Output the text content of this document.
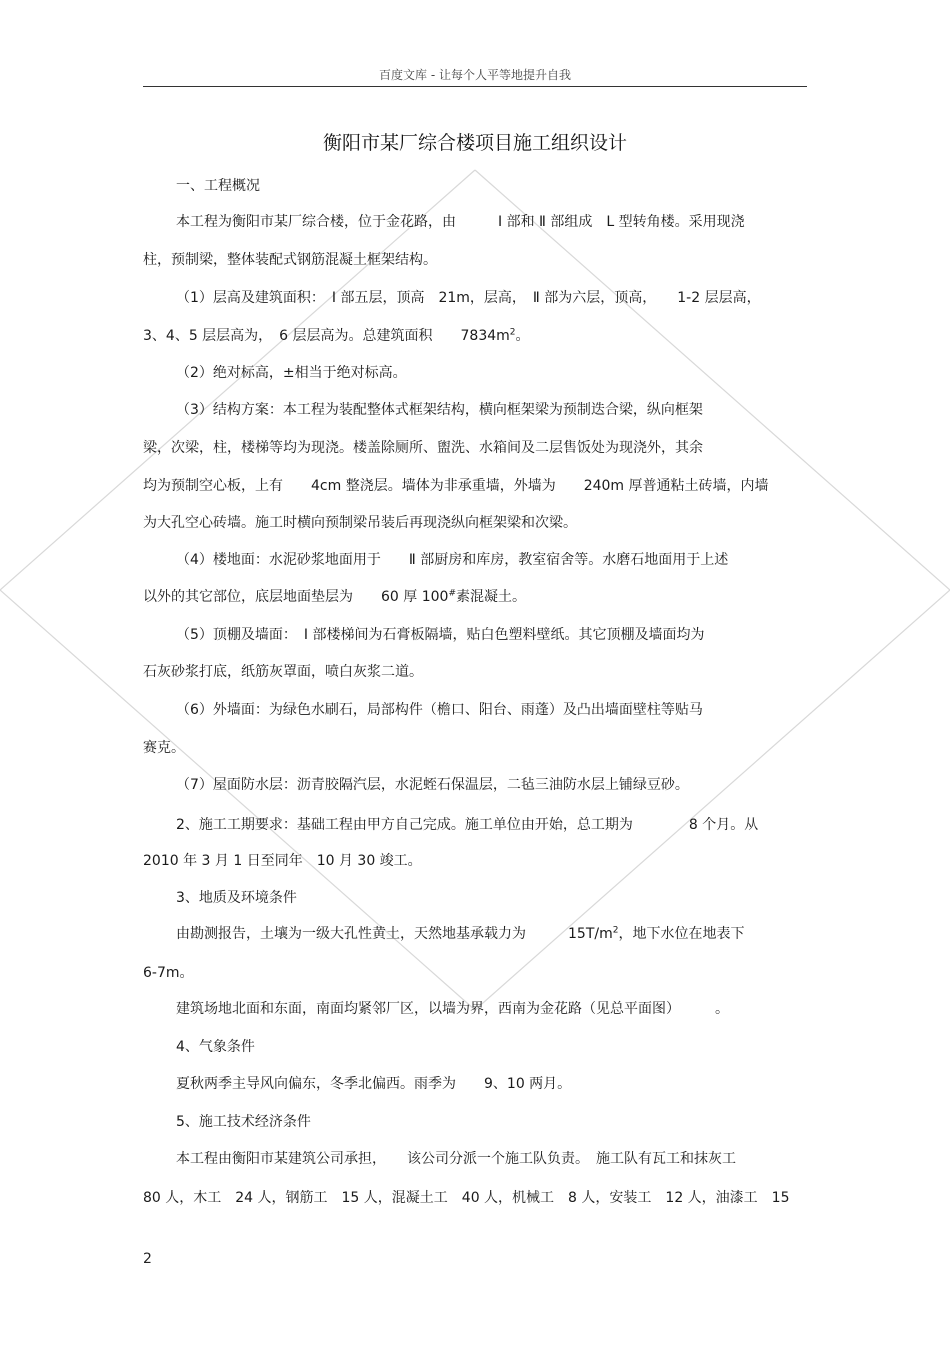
百度文库 - 让每个人平等地提升自我
衡阳市某厂综合楼项目施工组织设计
一、工程概况
本工程为衡阳市某厂综合楼，位于金花路，由　　　Ⅰ 部和 Ⅱ 部组成　L 型转角楼。采用现浇
柱，预制梁，整体装配式钢筋混凝土框架结构。
（1）层高及建筑面积：　Ⅰ 部五层，顶高　21m，层高，　Ⅱ 部为六层，顶高，　　1-2 层层高，
3、4、5 层层高为，　6 层层高为。总建筑面积　　$7834m^2$。
（2）绝对标高，±相当于绝对标高。
（3）结构方案：本工程为装配整体式框架结构，横向框架梁为预制迭合梁，纵向框架
梁，次梁，柱，楼梯等均为现浇。楼盖除厕所、盥洗、水箱间及二层售饭处为现浇外，其余
均为预制空心板，上有　　4cm 整浇层。墙体为非承重墙，外墙为　　240m 厚普通粘土砖墙，内墙
为大孔空心砖墙。施工时横向预制梁吊装后再现浇纵向框架梁和次梁。
（4）楼地面：水泥砂浆地面用于　　Ⅱ 部厨房和库房，教室宿舍等。水磨石地面用于上述
以外的其它部位，底层地面垫层为　　60 厚 100#素混凝土。
（5）顶棚及墙面：　Ⅰ 部楼梯间为石膏板隔墙，贴白色塑料壁纸。其它顶棚及墙面均为
石灰砂浆打底，纸筋灰罩面，喷白灰浆二道。
（6）外墙面：为绿色水刷石，局部构件（檐口、阳台、雨蓬）及凸出墙面壁柱等贴马
赛克。
（7）屋面防水层：沥青胶隔汽层，水泥蛭石保温层，二毡三油防水层上铺绿豆砂。
2、施工工期要求：基础工程由甲方自己完成。施工单位由开始，总工期为　　　　8 个月。从
2010 年 3 月 1 日至同年　10 月 30 竣工。
3、地质及环境条件
由勘测报告，土壤为一级大孔性黄土，天然地基承载力为　　　$15T/m^2$，地下水位在地表下
6-7m。
建筑场地北面和东面，南面均紧邻厂区，以墙为界，西南为金花路（见总平面图）　　　。
4、气象条件
夏秋两季主导风向偏东，冬季北偏西。雨季为　　9、10 两月。
5、施工技术经济条件
本工程由衡阳市某建筑公司承担，　　该公司分派一个施工队负责。　施工队有瓦工和抹灰工
80 人，木工　24 人，钢筋工　15 人，混凝土工　40 人，机械工　8 人，安装工　12 人，油漆工　15
2
